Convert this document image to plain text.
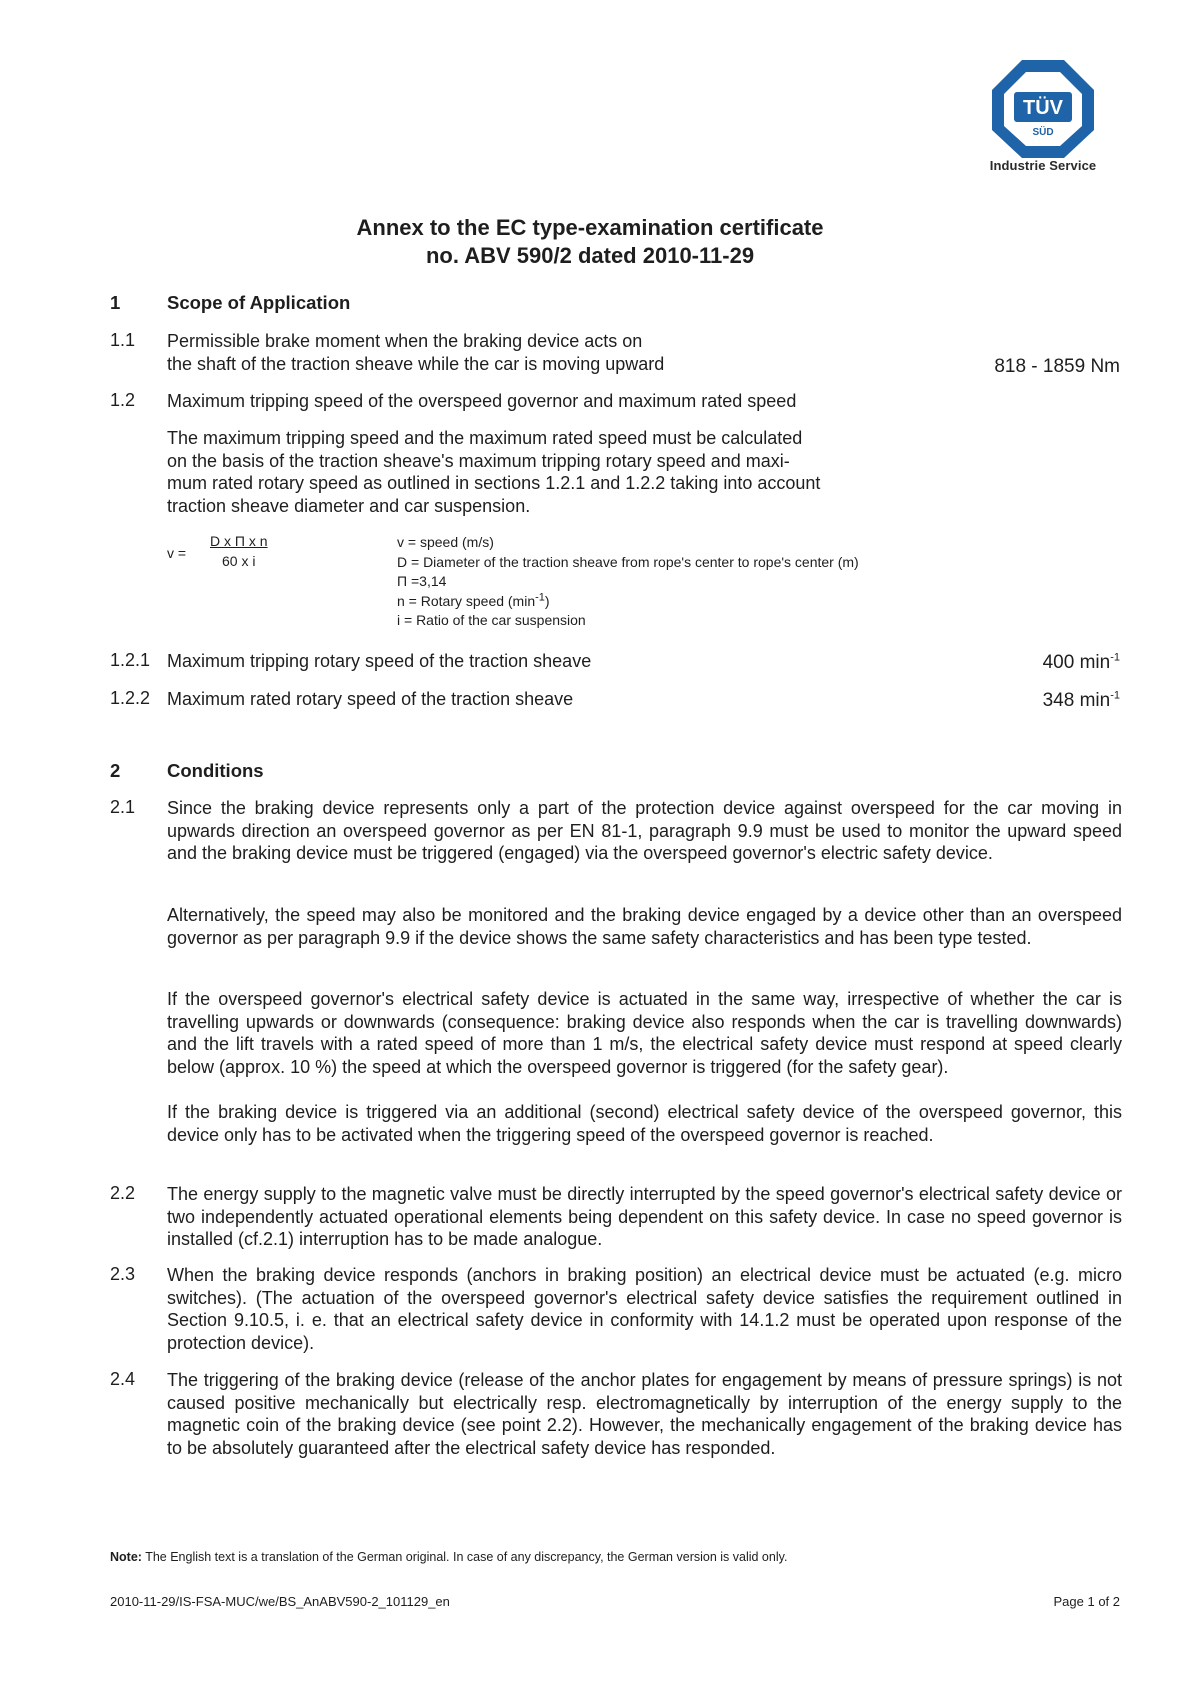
TÜV
SÜD
Industrie Service
Annex to the EC type-examination certificate
no. ABV 590/2 dated 2010-11-29
1	Scope of Application
1.1 Permissible brake moment when the braking device acts on
the shaft of the traction sheave while the car is moving upward	818 - 1859 Nm
1.2 Maximum tripping speed of the overspeed governor and maximum rated speed
The maximum tripping speed and the maximum rated speed must be calculated
on the basis of the traction sheave's maximum tripping rotary speed and maxi-
mum rated rotary speed as outlined in sections 1.2.1 and 1.2.2 taking into account
traction sheave diameter and car suspension.
v =
D x Π x n
60 x i
v = speed (m/s)
D = Diameter of the traction sheave from rope's center to rope's center (m)
Π =3,14
n = Rotary speed $(\min^{-1})$
i = Ratio of the car suspension
1.2.1 Maximum tripping rotary speed of the traction sheave	400 $\min^{-1}$
1.2.2 Maximum rated rotary speed of the traction sheave	348 $\min^{-1}$
2	Conditions
2.1 Since the braking device represents only a part of the protection device against overspeed for the car moving in upwards direction an overspeed governor as per EN 81-1, paragraph 9.9 must be used to monitor the upward speed and the braking device must be triggered (engaged) via the overspeed governor's electric safety device.
Alternatively, the speed may also be monitored and the braking device engaged by a device other than an overspeed governor as per paragraph 9.9 if the device shows the same safety characteristics and has been type tested.
If the overspeed governor's electrical safety device is actuated in the same way, irrespective of whether the car is travelling upwards or downwards (consequence: braking device also responds when the car is travelling downwards) and the lift travels with a rated speed of more than 1 m/s, the electrical safety device must respond at speed clearly below (approx. 10 %) the speed at which the overspeed governor is triggered (for the safety gear).
If the braking device is triggered via an additional (second) electrical safety device of the overspeed governor, this device only has to be activated when the triggering speed of the overspeed governor is reached.
2.2 The energy supply to the magnetic valve must be directly interrupted by the speed governor's electrical safety device or two independently actuated operational elements being dependent on this safety device. In case no speed governor is installed (cf.2.1) interruption has to be made analogue.
2.3 When the braking device responds (anchors in braking position) an electrical device must be actuated (e.g. micro switches). (The actuation of the overspeed governor's electrical safety device satisfies the requirement outlined in Section 9.10.5, i. e. that an electrical safety device in conformity with 14.1.2 must be operated upon response of the protection device).
2.4 The triggering of the braking device (release of the anchor plates for engagement by means of pressure springs) is not caused positive mechanically but electrically resp. electromagnetically by interruption of the energy supply to the magnetic coin of the braking device (see point 2.2). However, the mechanically engagement of the braking device has to be absolutely guaranteed after the electrical safety device has responded.
Note: The English text is a translation of the German original. In case of any discrepancy, the German version is valid only.
2010-11-29/IS-FSA-MUC/we/BS_AnABV590-2_101129_en	Page 1 of 2
